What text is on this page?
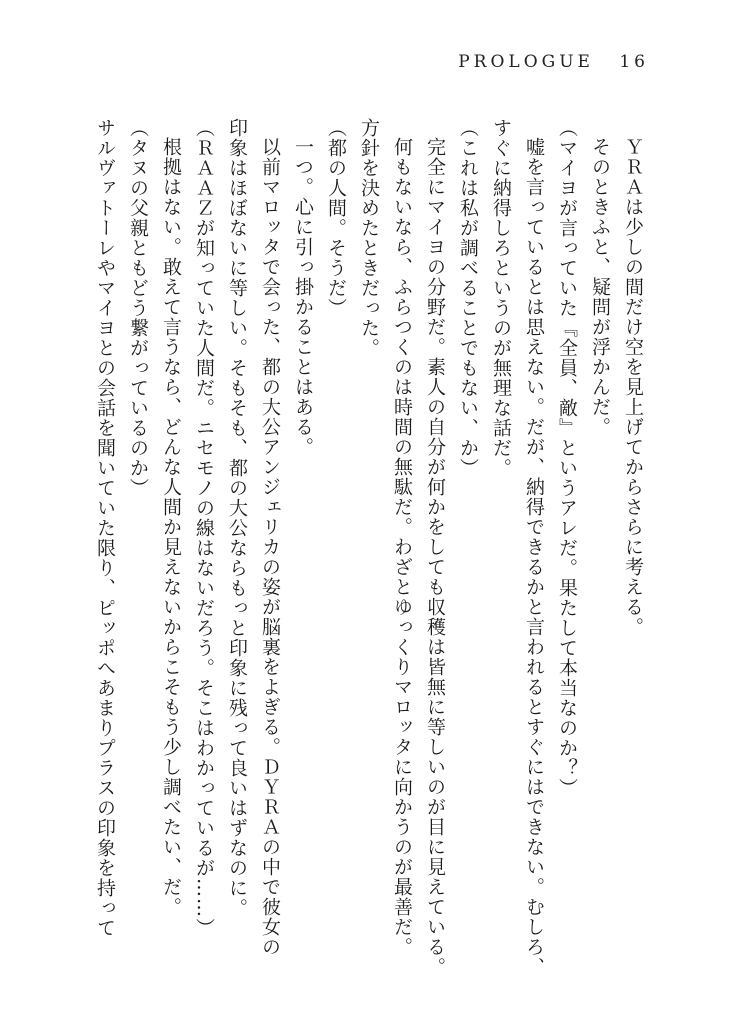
PROLOGUE 16

ＹＲＡは少しの間だけ空を見上げてからさらに考える。

そのときふと、疑問が浮かんだ。

（マイヨが言っていた『全員、敵』というアレだ。果たして本当なのか？）

嘘を言っているとは思えない。だが、納得できるかと言われるとすぐにはできない。むしろ、

すぐに納得しろというのが無理な話だ。

（これは私が調べることでもない、か）

完全にマイヨの分野だ。素人の自分が何かをしても収穫は皆無に等しいのが目に見えている。

何もないなら、ふらつくのは時間の無駄だ。わざとゆっくりマロッタに向かうのが最善だ。

方針を決めたときだった。

（都の人間。そうだ）

一つ。心に引っ掛かることはある。

以前マロッタで会った、都の大公アンジェリカの姿が脳裏をよぎる。ＤＹＲＡの中で彼女の

印象はほぼないに等しい。そもそも、都の大公ならもっと印象に残って良いはずなのに。

（ＲＡＡＺが知っていた人間だ。ニセモノの線はないだろう。そこはわかっているが……）

根拠はない。敢えて言うなら、どんな人間か見えないからこそもう少し調べたい、だ。

（タヌの父親ともどう繋がっているのか）

サルヴァトーレやマイヨとの会話を聞いていた限り、ピッポへあまりプラスの印象を持って
